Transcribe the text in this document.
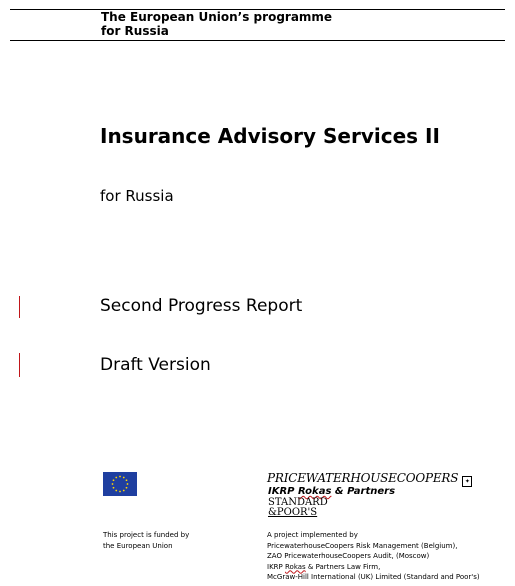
The European Union’s programme
for Russia
Insurance Advisory Services II
for Russia
Second Progress Report
Draft Version
This project is funded by
the European Union
PRICEWATERHOUSECOOPERS ✦
IKRP Rokas & Partners
STANDARD
&POOR'S
A project implemented by
PricewaterhouseCoopers Risk Management (Belgium),
ZAO PricewaterhouseCoopers Audit, (Moscow)
IKRP Rokas & Partners Law Firm,
McGraw-Hill International (UK) Limited (Standard and Poor's)
